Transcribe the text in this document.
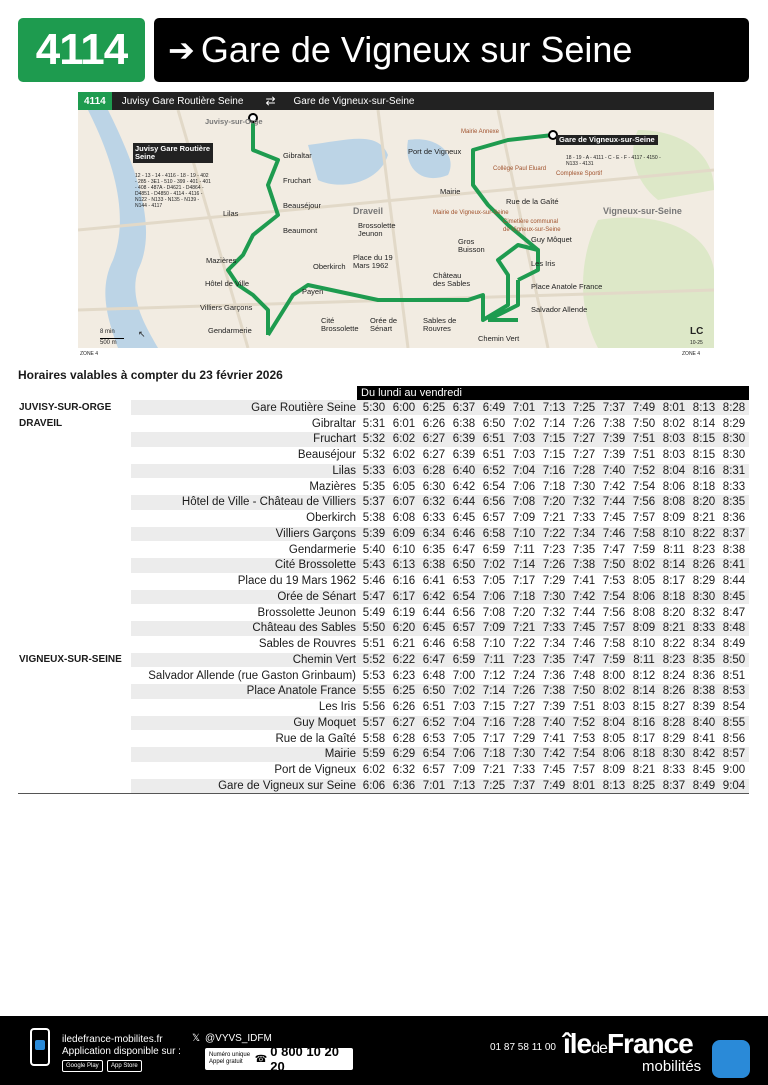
4114	➔ Gare de Vigneux sur Seine
4114	Juvisy Gare Routière Seine ⇄ Gare de Vigneux-sur-Seine
Juvisy-sur-Orge
Draveil	Vigneux-sur-Seine
Juvisy Gare Routière Seine
12 - 13 - 14 - 4116 - 18 - 19 - 402 - 285 - 3E1 - 510 - 399 - 401 - 401 - 408 - 487A - D4621 - D4864 - D4851 - D4850 - 4114 - 4116 - N122 - N133 - N135 - N139 - N144 - 4117
Gibraltar
Fruchart
Beauséjour
Lilas
Beaumont
Mazières
Hôtel de Ville
Villiers Garçons
Gendarmerie
Oberkirch
Payen
Cité Brossolette
Orée de Sénart
Place du 19 Mars 1962
Brossolette Jeunon
Gros Buisson
Château des Sables
Sables de Rouvres
Chemin Vert
Salvador Allende
Place Anatole France
Les Iris
Guy Môquet
Rue de la Gaîté
Mairie
Port de Vigneux
Gare de Vigneux-sur-Seine
18 - 19 - A - 4111 - C - E - F - 4117 - 4150 - N133 - 4131
Mairie Annexe
Collège Paul Eluard
Complexe Sportif
Mairie de Vigneux-sur-Seine
Cimetière communal de Vigneux-sur-Seine
8 min
500 m
↖	LC
10-25
ZONE 4	ZONE 4
Horaires valables à compter du 23 février 2026
Du lundi au vendredi
JUVISY-SUR-ORGE	Gare Routière Seine	5:30	6:00	6:25	6:37	6:49	7:01	7:13	7:25	7:37	7:49	8:01	8:13	8:28
DRAVEIL	Gibraltar	5:31	6:01	6:26	6:38	6:50	7:02	7:14	7:26	7:38	7:50	8:02	8:14	8:29
	Fruchart	5:32	6:02	6:27	6:39	6:51	7:03	7:15	7:27	7:39	7:51	8:03	8:15	8:30
	Beauséjour	5:32	6:02	6:27	6:39	6:51	7:03	7:15	7:27	7:39	7:51	8:03	8:15	8:30
	Lilas	5:33	6:03	6:28	6:40	6:52	7:04	7:16	7:28	7:40	7:52	8:04	8:16	8:31
	Mazières	5:35	6:05	6:30	6:42	6:54	7:06	7:18	7:30	7:42	7:54	8:06	8:18	8:33
	Hôtel de Ville - Château de Villiers	5:37	6:07	6:32	6:44	6:56	7:08	7:20	7:32	7:44	7:56	8:08	8:20	8:35
	Oberkirch	5:38	6:08	6:33	6:45	6:57	7:09	7:21	7:33	7:45	7:57	8:09	8:21	8:36
	Villiers Garçons	5:39	6:09	6:34	6:46	6:58	7:10	7:22	7:34	7:46	7:58	8:10	8:22	8:37
	Gendarmerie	5:40	6:10	6:35	6:47	6:59	7:11	7:23	7:35	7:47	7:59	8:11	8:23	8:38
	Cité Brossolette	5:43	6:13	6:38	6:50	7:02	7:14	7:26	7:38	7:50	8:02	8:14	8:26	8:41
	Place du 19 Mars 1962	5:46	6:16	6:41	6:53	7:05	7:17	7:29	7:41	7:53	8:05	8:17	8:29	8:44
	Orée de Sénart	5:47	6:17	6:42	6:54	7:06	7:18	7:30	7:42	7:54	8:06	8:18	8:30	8:45
	Brossolette Jeunon	5:49	6:19	6:44	6:56	7:08	7:20	7:32	7:44	7:56	8:08	8:20	8:32	8:47
	Château des Sables	5:50	6:20	6:45	6:57	7:09	7:21	7:33	7:45	7:57	8:09	8:21	8:33	8:48
	Sables de Rouvres	5:51	6:21	6:46	6:58	7:10	7:22	7:34	7:46	7:58	8:10	8:22	8:34	8:49
VIGNEUX-SUR-SEINE	Chemin Vert	5:52	6:22	6:47	6:59	7:11	7:23	7:35	7:47	7:59	8:11	8:23	8:35	8:50
	Salvador Allende (rue Gaston Grinbaum)	5:53	6:23	6:48	7:00	7:12	7:24	7:36	7:48	8:00	8:12	8:24	8:36	8:51
	Place Anatole France	5:55	6:25	6:50	7:02	7:14	7:26	7:38	7:50	8:02	8:14	8:26	8:38	8:53
	Les Iris	5:56	6:26	6:51	7:03	7:15	7:27	7:39	7:51	8:03	8:15	8:27	8:39	8:54
	Guy Moquet	5:57	6:27	6:52	7:04	7:16	7:28	7:40	7:52	8:04	8:16	8:28	8:40	8:55
	Rue de la Gaîté	5:58	6:28	6:53	7:05	7:17	7:29	7:41	7:53	8:05	8:17	8:29	8:41	8:56
	Mairie	5:59	6:29	6:54	7:06	7:18	7:30	7:42	7:54	8:06	8:18	8:30	8:42	8:57
	Port de Vigneux	6:02	6:32	6:57	7:09	7:21	7:33	7:45	7:57	8:09	8:21	8:33	8:45	9:00
	Gare de Vigneux sur Seine	6:06	6:36	7:01	7:13	7:25	7:37	7:49	8:01	8:13	8:25	8:37	8:49	9:04
iledefrance-mobilites.fr
Application disponible sur :
Google Play	App Store
𝕏 @VYVS_IDFM
Numéro unique
Appel gratuit	☎ 0 800 10 20 20
01 87 58 11 00 îledeFrance
mobilités
